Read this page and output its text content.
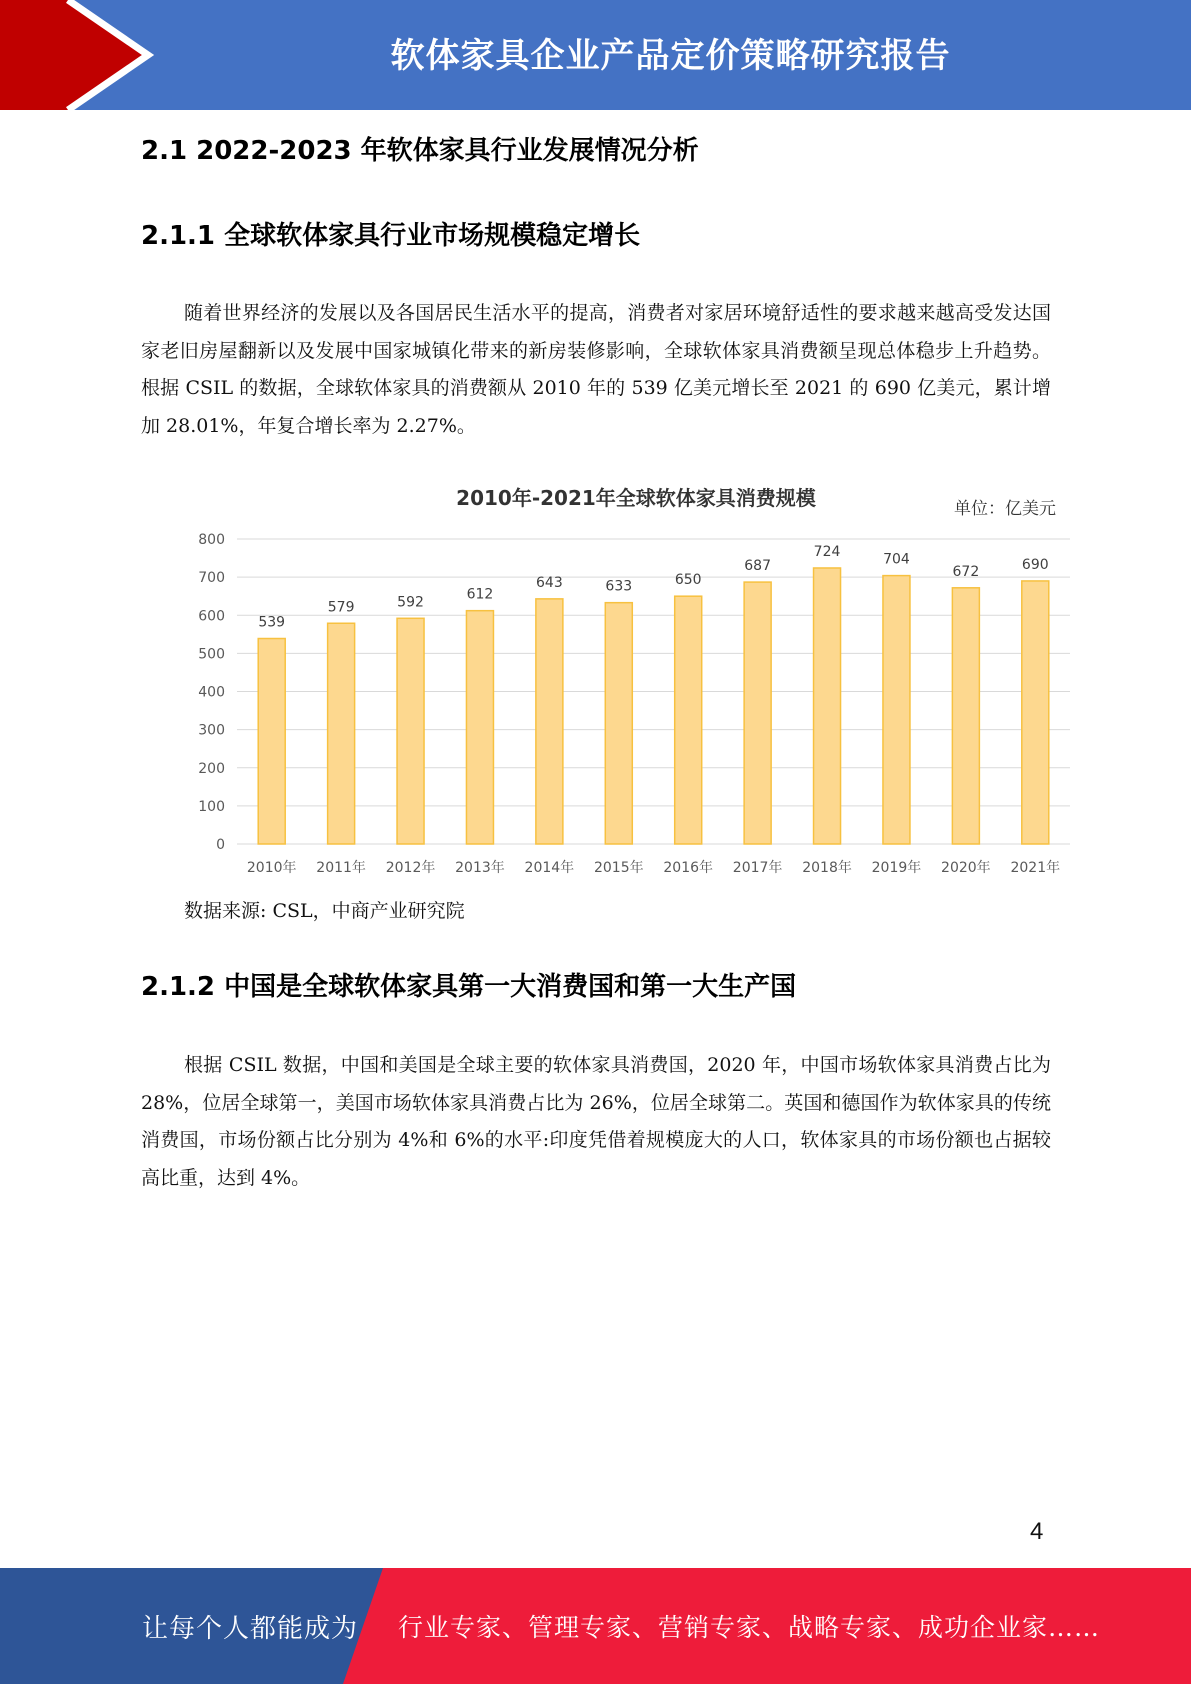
软体家具企业产品定价策略研究报告
2.1 2022-2023 年软体家具行业发展情况分析
2.1.1 全球软体家具行业市场规模稳定增长
随着世界经济的发展以及各国居民生活水平的提高，消费者对家居环境舒适性的要求越来越高受发达国家老旧房屋翻新以及发展中国家城镇化带来的新房装修影响，全球软体家具消费额呈现总体稳步上升趋势。根据 CSIL 的数据，全球软体家具的消费额从 2010 年的 539 亿美元增长至 2021 的 690 亿美元，累计增加 28.01%，年复合增长率为 2.27%。
2010年-2021年全球软体家具消费规模	单位：亿美元
0
100
200
300
400
500
600
700
800
539
579	592	612
643	633	650
687
724	704
672	690
2010年 2011年 2012年 2013年 2014年 2015年 2016年 2017年 2018年 2019年 2020年 2021年
数据来源: CSL，中商产业研究院
2.1.2 中国是全球软体家具第一大消费国和第一大生产国
根据 CSIL 数据，中国和美国是全球主要的软体家具消费国，2020 年，中国市场软体家具消费占比为 28%，位居全球第一，美国市场软体家具消费占比为 26%，位居全球第二。英国和德国作为软体家具的传统消费国，市场份额占比分别为 4%和 6%的水平:印度凭借着规模庞大的人口，软体家具的市场份额也占据较高比重，达到 4%。
4
让每个人都能成为 行业专家、管理专家、营销专家、战略专家、成功企业家……
